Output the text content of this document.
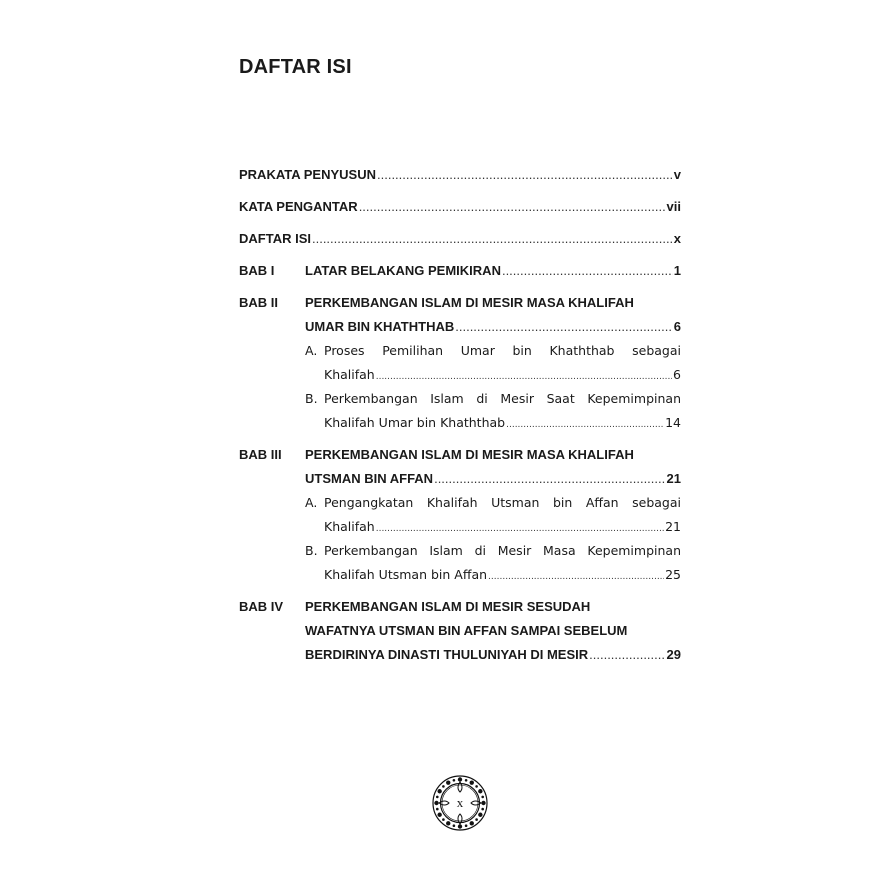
DAFTAR ISI
PRAKATA PENYUSUN .....	v
KATA PENGANTAR .....	vii
DAFTAR ISI .....	x
BAB I	LATAR BELAKANG PEMIKIRAN .....	1
BAB II	PERKEMBANGAN ISLAM DI MESIR MASA KHALIFAH
UMAR BIN KHATHTHAB .....	6
A. Proses Pemilihan Umar bin Khaththab sebagai
Khalifah .....	6
B. Perkembangan Islam di Mesir Saat Kepemimpinan
Khalifah Umar bin Khaththab .....	14
BAB III	PERKEMBANGAN ISLAM DI MESIR MASA KHALIFAH
UTSMAN BIN AFFAN .....	21
A. Pengangkatan Khalifah Utsman bin Affan sebagai
Khalifah .....	21
B. Perkembangan Islam di Mesir Masa Kepemimpinan
Khalifah Utsman bin Affan .....	25
BAB IV	PERKEMBANGAN ISLAM DI MESIR SESUDAH
WAFATNYA UTSMAN BIN AFFAN SAMPAI SEBELUM
BERDIRINYA DINASTI THULUNIYAH DI MESIR .....	29
x
